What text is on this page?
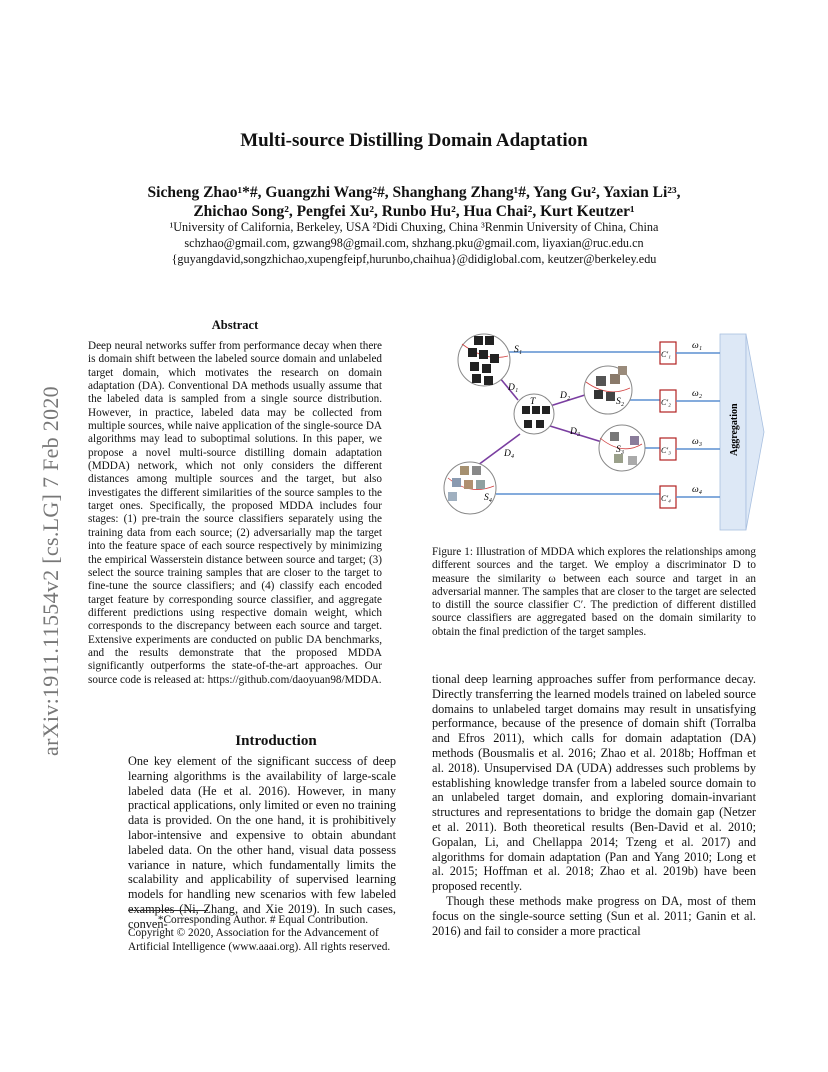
arXiv:1911.11554v2 [cs.LG] 7 Feb 2020
Multi-source Distilling Domain Adaptation
Sicheng Zhao¹*#, Guangzhi Wang²#, Shanghang Zhang¹#, Yang Gu², Yaxian Li²³,
Zhichao Song², Pengfei Xu², Runbo Hu², Hua Chai², Kurt Keutzer¹
¹University of California, Berkeley, USA ²Didi Chuxing, China ³Renmin University of China, China
schzhao@gmail.com, gzwang98@gmail.com, shzhang.pku@gmail.com, liyaxian@ruc.edu.cn
{guyangdavid,songzhichao,xupengfeipf,hurunbo,chaihua}@didiglobal.com, keutzer@berkeley.edu
Abstract

Deep neural networks suffer from performance decay when there is domain shift between the labeled source domain and unlabeled target domain, which motivates the research on domain adaptation (DA). Conventional DA methods usually assume that the labeled data is sampled from a single source distribution. However, in practice, labeled data may be collected from multiple sources, while naive application of the single-source DA algorithms may lead to suboptimal solutions. In this paper, we propose a novel multi-source distilling domain adaptation (MDDA) network, which not only considers the different distances among multiple sources and the target, but also investigates the different similarities of the source samples to the target ones. Specifically, the proposed MDDA includes four stages: (1) pre-train the source classifiers separately using the training data from each source; (2) adversarially map the target into the feature space of each source respectively by minimizing the empirical Wasserstein distance between source and target; (3) select the source training samples that are closer to the target to fine-tune the source classifiers; and (4) classify each encoded target feature by corresponding source classifier, and aggregate different predictions using respective domain weight, which corresponds to the discrepancy between each source and target. Extensive experiments are conducted on public DA benchmarks, and the results demonstrate that the proposed MDDA significantly outperforms the state-of-the-art approaches. Our source code is released at: https://github.com/daoyuan98/MDDA.

Introduction

One key element of the significant success of deep learning algorithms is the availability of large-scale labeled data (He et al. 2016). However, in many practical applications, only limited or even no training data is provided. On the one hand, it is prohibitively labor-intensive and expensive to obtain abundant labeled data. On the other hand, visual data possess variance in nature, which fundamentally limits the scalability and applicability of supervised learning models for handling new scenarios with few labeled examples (Ni, Zhang, and Xie 2019). In such cases, conven-

*Corresponding Author. # Equal Contribution.
Copyright © 2020, Association for the Advancement of Artificial Intelligence (www.aaai.org). All rights reserved.
Aggregation
S₁
S₂
S₃
S₄
T
D₁
D₂
D₃
D₄
C′₁
C′₂
C′₃
C′₄
ω₁
ω₂
ω₃
ω₄

Figure 1: Illustration of MDDA which explores the relationships among different sources and the target. We employ a discriminator D to measure the similarity ω between each source and target in an adversarial manner. The samples that are closer to the target are selected to distill the source classifier C′. The prediction of different distilled source classifiers are aggregated based on the domain similarity to obtain the final prediction of the target samples.

tional deep learning approaches suffer from performance decay. Directly transferring the learned models trained on labeled source domains to unlabeled target domains may result in unsatisfying performance, because of the presence of domain shift (Torralba and Efros 2011), which calls for domain adaptation (DA) methods (Bousmalis et al. 2016; Zhao et al. 2018b; Hoffman et al. 2018). Unsupervised DA (UDA) addresses such problems by establishing knowledge transfer from a labeled source domain to an unlabeled target domain, and exploring domain-invariant structures and representations to bridge the domain gap (Netzer et al. 2011). Both theoretical results (Ben-David et al. 2010; Gopalan, Li, and Chellappa 2014; Tzeng et al. 2017) and algorithms for domain adaptation (Pan and Yang 2010; Long et al. 2015; Hoffman et al. 2018; Zhao et al. 2019b) have been proposed recently.

Though these methods make progress on DA, most of them focus on the single-source setting (Sun et al. 2011; Ganin et al. 2016) and fail to consider a more practical
